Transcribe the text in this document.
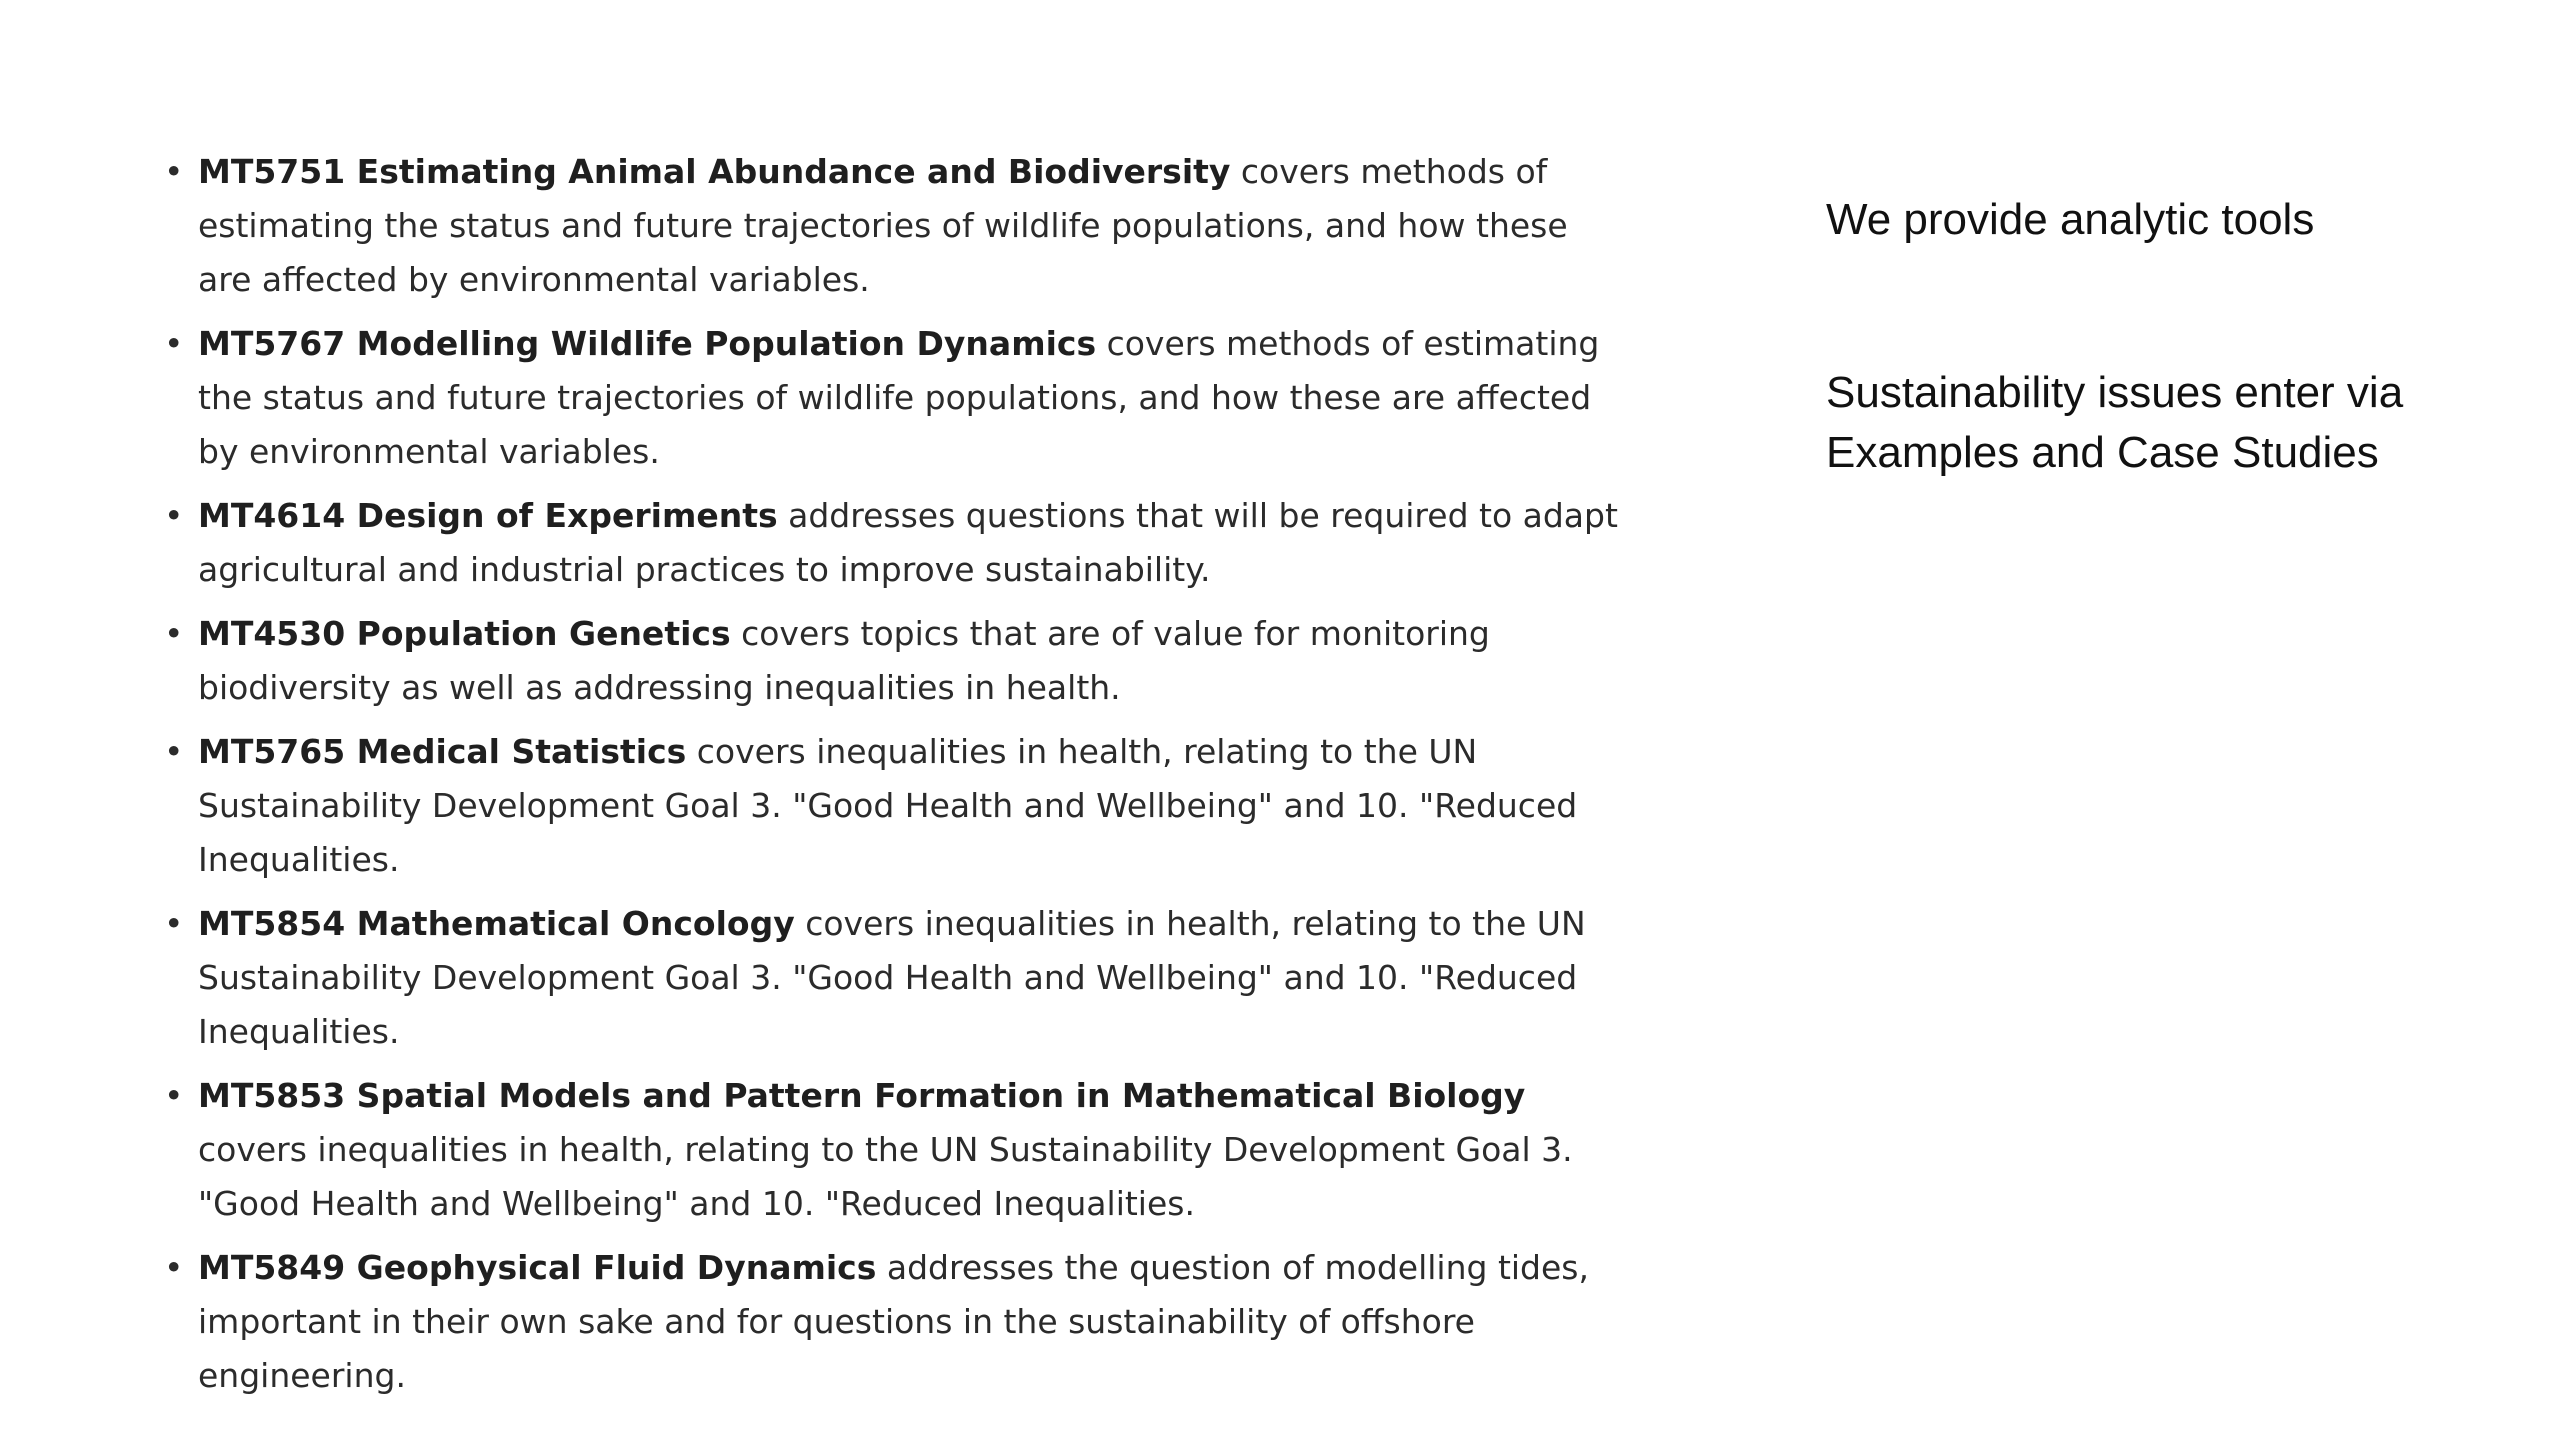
• MT5751 Estimating Animal Abundance and Biodiversity covers methods of estimating the status and future trajectories of wildlife populations, and how these are affected by environmental variables.
• MT5767 Modelling Wildlife Population Dynamics covers methods of estimating the status and future trajectories of wildlife populations, and how these are affected by environmental variables.
• MT4614 Design of Experiments addresses questions that will be required to adapt agricultural and industrial practices to improve sustainability.
• MT4530 Population Genetics covers topics that are of value for monitoring biodiversity as well as addressing inequalities in health.
• MT5765 Medical Statistics covers inequalities in health, relating to the UN Sustainability Development Goal 3. "Good Health and Wellbeing" and 10. "Reduced Inequalities.
• MT5854 Mathematical Oncology covers inequalities in health, relating to the UN Sustainability Development Goal 3. "Good Health and Wellbeing" and 10. "Reduced Inequalities.
• MT5853 Spatial Models and Pattern Formation in Mathematical Biology covers inequalities in health, relating to the UN Sustainability Development Goal 3. "Good Health and Wellbeing" and 10. "Reduced Inequalities.
• MT5849 Geophysical Fluid Dynamics addresses the question of modelling tides, important in their own sake and for questions in the sustainability of offshore engineering.

We provide analytic tools

Sustainability issues enter via
Examples and Case Studies
